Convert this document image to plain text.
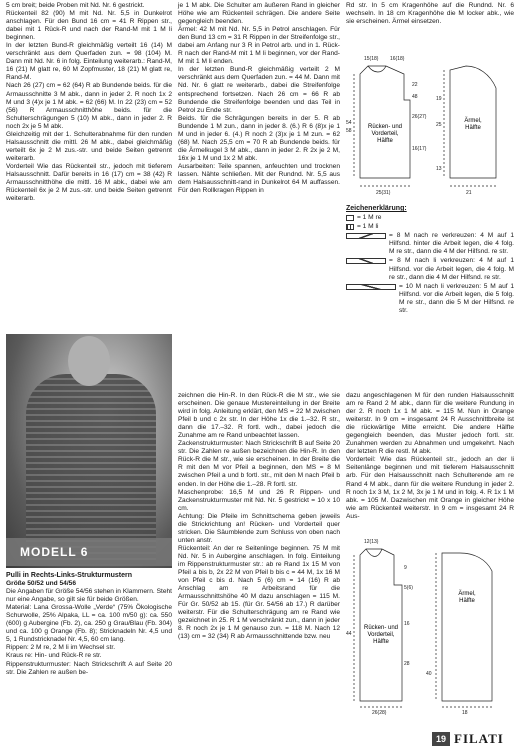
5 cm breit; beide Proben mit Nd. Nr. 6 gestrickt.

Rückenteil 82 (90) M mit Nd. Nr. 5,5 in Dunkelrot anschlagen. Für den Bund 16 cm = 41 R Rippen str., dabei mit 1 Rück-R und nach der Rand-M mit 1 M li beginnen.

In der letzten Bund-R gleichmäßig verteilt 16 (14) M verschränkt aus dem Querfaden zun. = 98 (104) M. Dann mit Nd. Nr. 6 in folg. Einteilung weiterarb.: Rand-M, 16 (21) M glatt re, 60 M Zopfmuster, 18 (21) M glatt re, Rand-M.

Nach 26 (27) cm = 62 (64) R ab Bundende beids. für die Armausschnitte 3 M abk., dann in jeder 2. R noch 1x 2 M und 3 (4)x je 1 M abk. = 62 (66) M. In 22 (23) cm = 52 (56) R Armausschnitthöhe beids. für die Schulterschrägungen 5 (10) M abk., dann in jeder 2. R noch 2x je 5 M abk.

Gleichzeitig mit der 1. Schulterabnahme für den runden Halsausschnitt die mittl. 26 M abk., dabei gleichmäßig verteilt 6x je 2 M zus.-str. und beide Seiten getrennt weiterarb.

Vorderteil Wie das Rückenteil str., jedoch mit tieferem Halsausschnitt. Dafür bereits in 16 (17) cm = 38 (42) R Armausschnitthöhe die mittl. 16 M abk., dabei wie am Rückenteil 6x je 2 M zus.-str. und beide Seiten getrennt weiterarb.

je 1 M abk. Die Schulter am äußeren Rand in gleicher Höhe wie am Rückenteil schrägen. Die andere Seite gegengleich beenden.

Ärmel: 42 M mit Nd. Nr. 5,5 in Petrol anschlagen. Für den Bund 13 cm = 31 R Rippen in der Streifenfolge str., dabei am Anfang nur 3 R in Petrol arb. und in 1. Rück-R nach der Rand-M mit 1 M li beginnen, vor der Rand-M mit 1 M li enden.

In der letzten Bund-R gleichmäßig verteilt 2 M verschränkt aus dem Querfaden zun. = 44 M. Dann mit Nd. Nr. 6 glatt re weiterarb., dabei die Streifenfolge entsprechend fortsetzen. Nach 26 cm = 66 R ab Bundende die Streifenfolge beenden und das Teil in Petrol zu Ende str.

Beids. für die Schrägungen bereits in der 5. R ab Bundende 1 M zun., dann in jeder 8. (6.) R 6 (8)x je 1 M und in jeder 6. (4.) R noch 2 (3)x je 1 M zun. = 62 (68) M. Nach 25,5 cm = 70 R ab Bundende beids. für die Ärmelkugel 3 M abk., dann in jeder 2. R 2x je 2 M, 16x je 1 M und 1x 2 M abk.

Ausarbeiten: Teile spannen, anfeuchten und trocknen lassen. Nähte schließen. Mit der Rundnd. Nr. 5,5 aus dem Halsausschnitt-rand in Dunkelrot 64 M auffassen. Für den Rollkragen Rippen in

Rd str. In 5 cm Kragenhöhe auf die Rundnd. Nr. 6 wechseln. In 18 cm Kragenhöhe die M locker abk., wie sie erscheinen. Ärmel einsetzen.

Rücken- und Vorderteil, Hälfte
Ärmel, Hälfte
15(18) 16(18)
22
48
26(27)
54
58
16(17)
19
25
25(31)	21
13
Zeichenerklärung:
= 1 M re
= 1 M li
= 8 M nach re verkreuzen: 4 M auf 1 Hilfsnd. hinter die Arbeit legen, die 4 folg. M re str., dann die 4 M der Hilfsnd. re str.
= 8 M nach li verkreuzen: 4 M auf 1 Hilfsnd. vor die Arbeit legen, die 4 folg. M re str., dann die 4 M der Hilfsnd. re str.
= 10 M nach li verkreuzen: 5 M auf 1 Hilfsnd. vor die Arbeit legen, die 5 folg. M re str., dann die 5 M der Hilfsnd. re str.
MODELL 6

Pulli in Rechts-Links-Strukturmustern

Größe 50/52 und 54/56

Die Angaben für Größe 54/56 stehen in Klammern. Steht nur eine Angabe, so gilt sie für beide Größen.

Material: Lana Grossa-Wolle „Verde“ (75% Ökologische Schurwolle, 25% Alpaka, LL = ca. 100 m/50 g): ca. 550 (600) g Aubergine (Fb. 2), ca. 250 g Grau/Blau (Fb. 304) und ca. 100 g Orange (Fb. 8); Stricknadeln Nr. 4,5 und 5, 1 Rundstricknadel Nr. 4,5, 60 cm lang.

Rippen: 2 M re, 2 M li im Wechsel str.

Kraus re: Hin- und Rück-R re str.

Rippenstrukturmuster: Nach Strickschrift A auf Seite 20 str. Die Zahlen re außen be-

zeichnen die Hin-R. In den Rück-R die M str., wie sie erscheinen. Die genaue Mustereinteilung in der Breite wird in folg. Anleitung erklärt, den MS = 22 M zwischen Pfeil b und c 2x str. In der Höhe 1x die 1.–32. R str., dann die 17.–32. R fortl. wdh., dabei jedoch die Zunahme am re Rand unbeachtet lassen.

Zackenstrukturmuster: Nach Strickschrift B auf Seite 20 str. Die Zahlen re außen bezeichnen die Hin-R. In den Rück-R die M str., wie sie erscheinen. In der Breite die R mit den M vor Pfeil a beginnen, den MS = 8 M zwischen Pfeil a und b fortl. str., mit den M nach Pfeil b enden. In der Höhe die 1.–28. R fortl. str.

Maschenprobe: 16,5 M und 26 R Rippen- und Zackenstrukturmuster mit Nd. Nr. 5 gestrickt = 10 x 10 cm.

Achtung: Die Pfeile im Schnittschema geben jeweils die Strickrichtung an! Rücken- und Vorderteil quer stricken. Die Säumblende zum Schluss von oben nach unten anstr.

Rückenteil: An der re Seitenlinge beginnen. 75 M mit Nd. Nr. 5 in Aubergine anschlagen. In folg. Einteilung im Rippenstrukturmuster str.: ab re Rand 1x 15 M von Pfeil a bis b, 2x 22 M von Pfeil b bis c = 44 M, 1x 16 M von Pfeil c bis d. Nach 5 (6) cm = 14 (16) R ab Anschlag am re Arbeitsrand für die Armausschnittshöhe 40 M dazu anschlagen = 115 M. Für Gr. 50/52 ab 15. (für Gr. 54/56 ab 17.) R darüber weiterstr. Für die Schulterschrägung am re Rand wie gezeichnet in 25. R 1 M verschränkt zun., dann in jeder 8. R noch 2x je 1 M genauso zun. = 118 M. Nach 12 (13) cm = 32 (34) R ab Armausschnittende bzw. neu

dazu angeschlagenen M für den runden Halsausschnitt am re Rand 2 M abk., dann für die weitere Rundung in der 2. R noch 1x 1 M abk. = 115 M. Nun in Orange weiterstr. In 9 cm = insgesamt 24 R Ausschnittbreite ist die rückwärtige Mitte erreicht. Die andere Hälfte gegengleich beenden, das Muster jedoch fortl. str. Zunahmen werden zu Abnahmen und umgekehrt. Nach der letzten R die restl. M abk.

Vorderteil: Wie das Rückenteil str., jedoch an der li Seitenlänge beginnen und mit tieferem Halsausschnitt arb. Für den Halsausschnitt nach Schulterende am re Rand 4 M abk., dann für die weitere Rundung in jeder 2. R noch 1x 3 M, 1x 2 M, 3x je 1 M und in folg. 4. R 1x 1 M abk. = 105 M. Dazwischen mit Orange in gleicher Höhe wie am Rückenteil weiterstr. In 9 cm = insgesamt 24 R Aus-

Rücken- und Vorderteil, Hälfte
Ärmel, Hälfte
12(13)
9
5(6)
16
44
28
40
26(28)	18
19 FILATI
